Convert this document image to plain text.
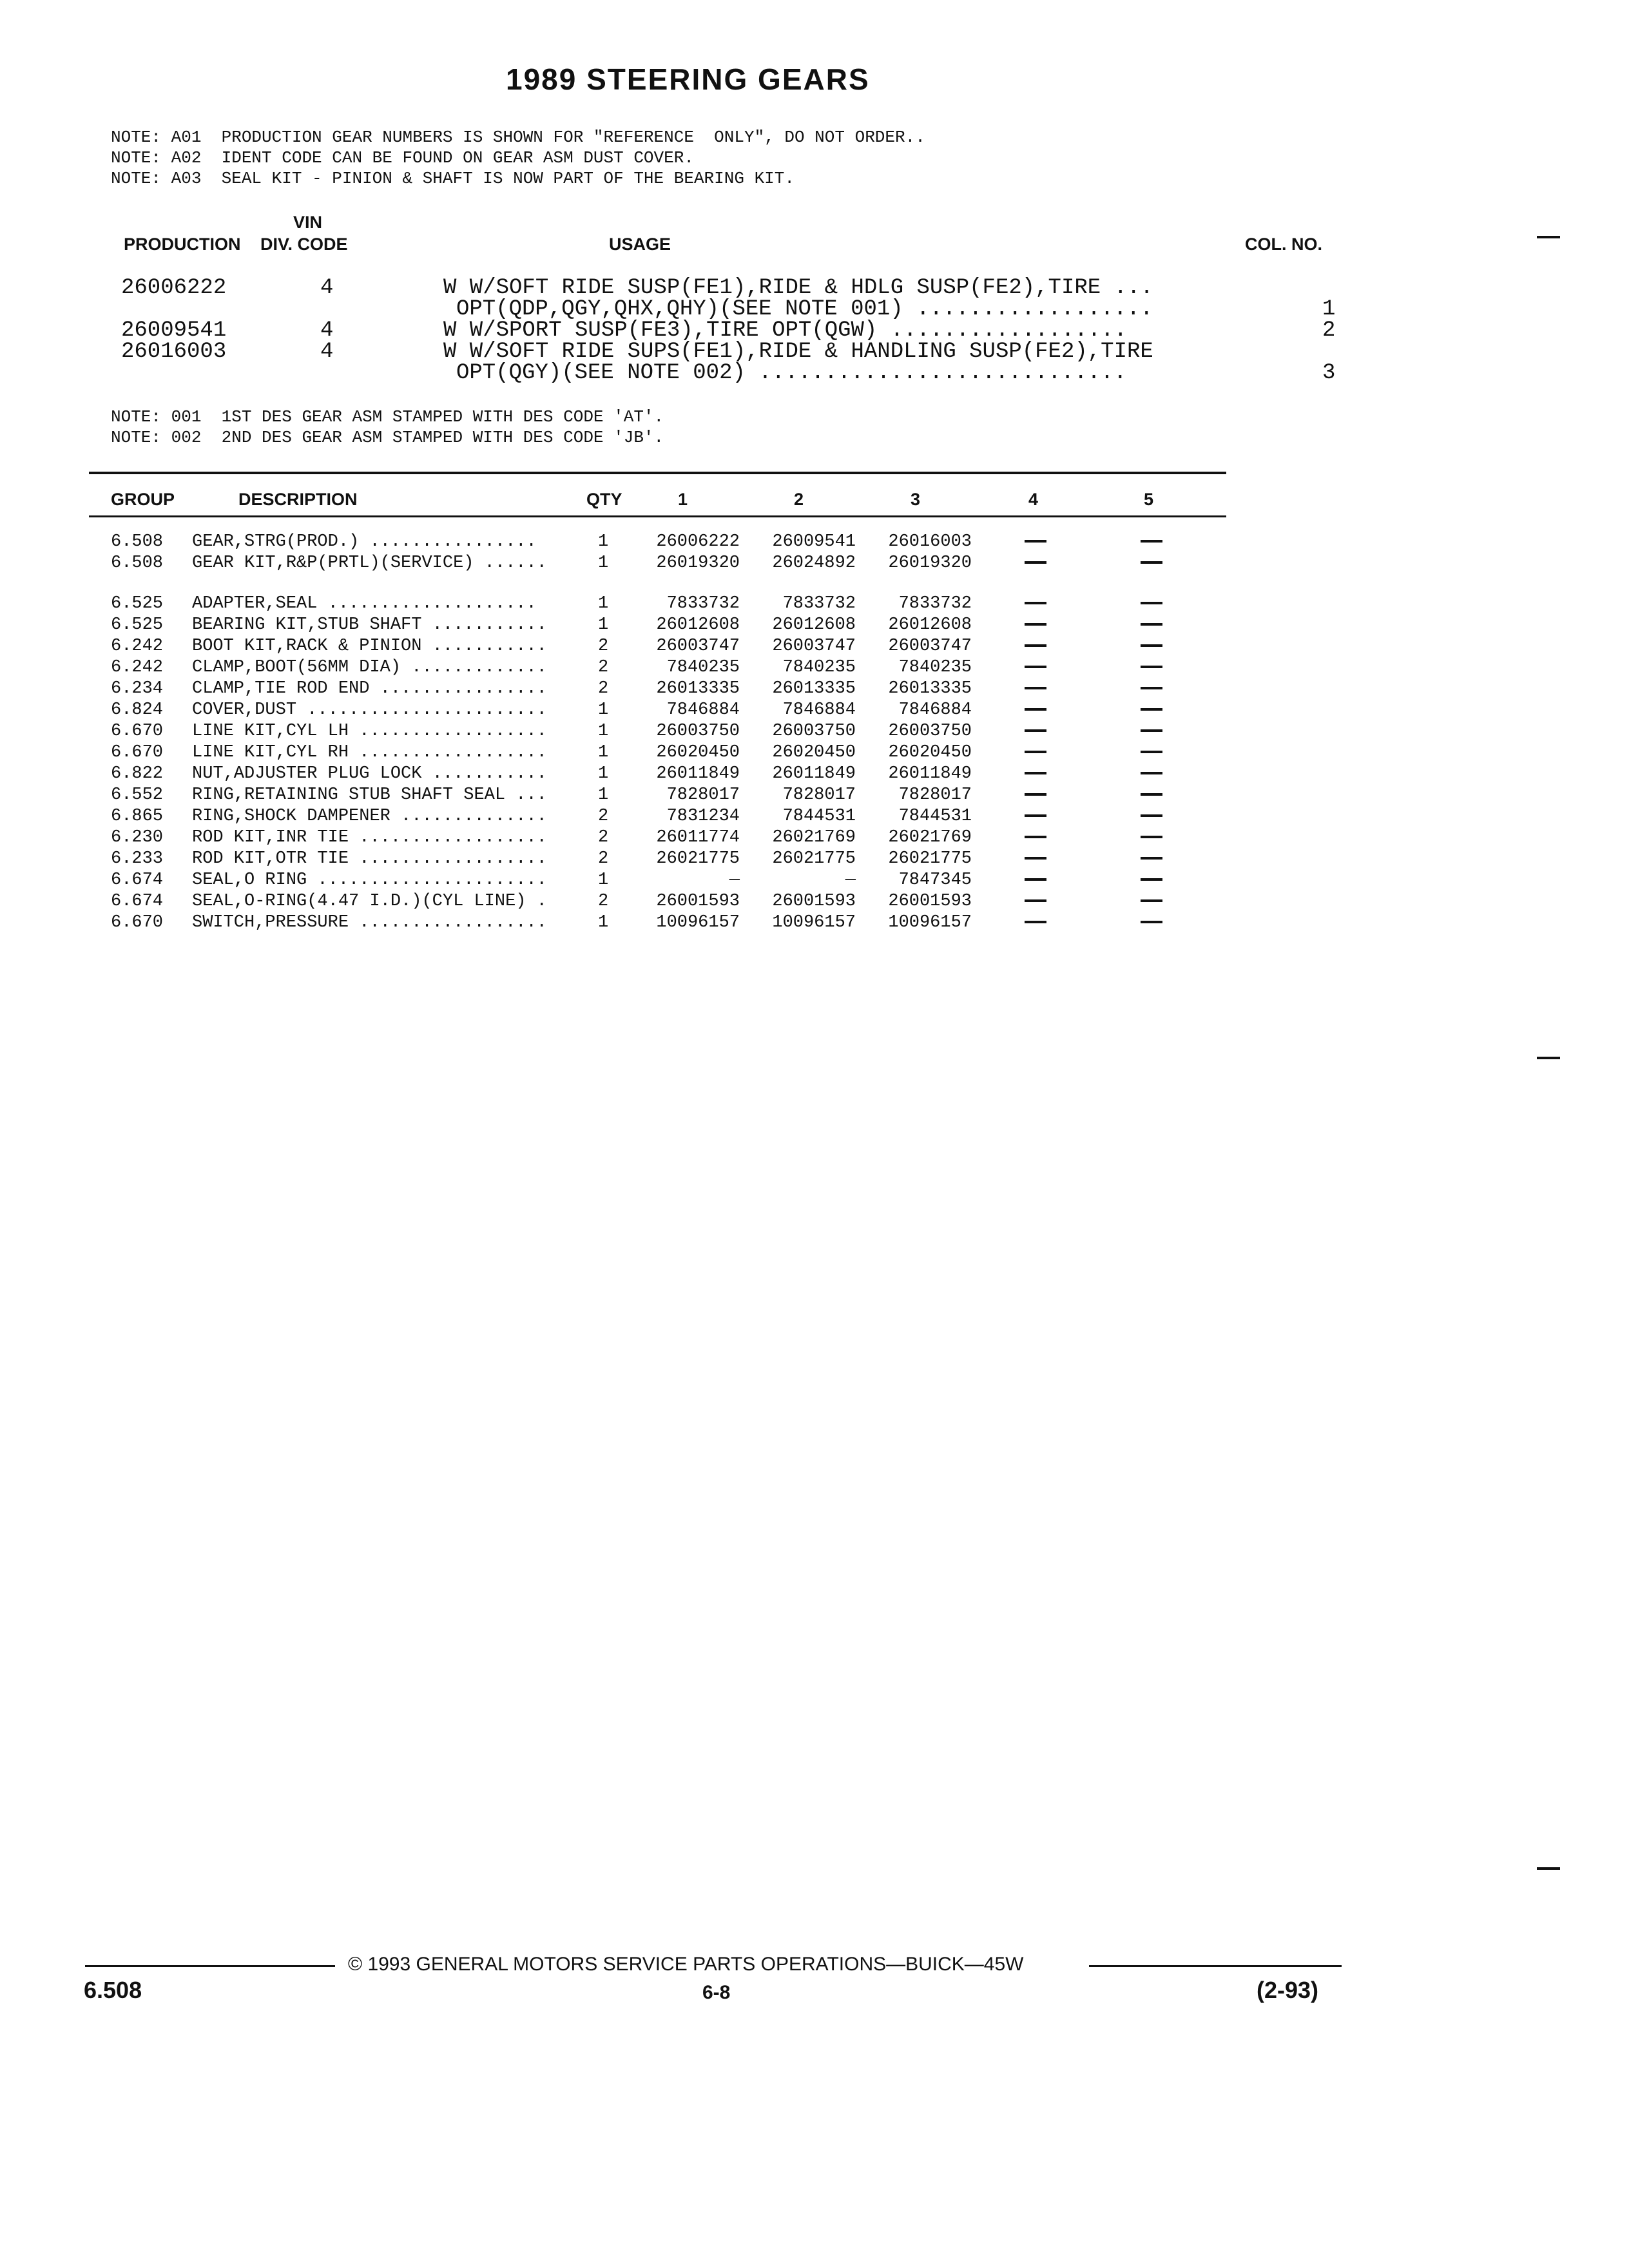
1989 STEERING GEARS
NOTE: A01  PRODUCTION GEAR NUMBERS IS SHOWN FOR "REFERENCE  ONLY", DO NOT ORDER..
NOTE: A02  IDENT CODE CAN BE FOUND ON GEAR ASM DUST COVER.
NOTE: A03  SEAL KIT - PINION & SHAFT IS NOW PART OF THE BEARING KIT.
VIN
PRODUCTION DIV. CODE	USAGE	COL. NO.
26006222	4	W W/SOFT RIDE SUSP(FE1),RIDE & HDLG SUSP(FE2),TIRE ...
OPT(QDP,QGY,QHX,QHY)(SEE NOTE 001) ..................	1
26009541	4	W W/SPORT SUSP(FE3),TIRE OPT(QGW) ..................	2
26016003	4	W W/SOFT RIDE SUPS(FE1),RIDE & HANDLING SUSP(FE2),TIRE
OPT(QGY)(SEE NOTE 002) ............................	3
NOTE: 001  1ST DES GEAR ASM STAMPED WITH DES CODE 'AT'.
NOTE: 002  2ND DES GEAR ASM STAMPED WITH DES CODE 'JB'.
GROUP	DESCRIPTION	QTY	1	2	3	4	5
6.508 GEAR,STRG(PROD.) ................	1	26006222	26009541	26016003
6.508 GEAR KIT,R&P(PRTL)(SERVICE) ......	1	26019320	26024892	26019320
6.525 ADAPTER,SEAL ....................	1	7833732	7833732	7833732
6.525 BEARING KIT,STUB SHAFT ...........	1	26012608	26012608	26012608
6.242 BOOT KIT,RACK & PINION ...........	2	26003747	26003747	26003747
6.242 CLAMP,BOOT(56MM DIA) .............	2	7840235	7840235	7840235
6.234 CLAMP,TIE ROD END ................	2	26013335	26013335	26013335
6.824 COVER,DUST .......................	1	7846884	7846884	7846884
6.670 LINE KIT,CYL LH ..................	1	26003750	26003750	26003750
6.670 LINE KIT,CYL RH ..................	1	26020450	26020450	26020450
6.822 NUT,ADJUSTER PLUG LOCK ...........	1	26011849	26011849	26011849
6.552 RING,RETAINING STUB SHAFT SEAL ...	1	7828017	7828017	7828017
6.865 RING,SHOCK DAMPENER ..............	2	7831234	7844531	7844531
6.230 ROD KIT,INR TIE ..................	2	26011774	26021769	26021769
6.233 ROD KIT,OTR TIE ..................	2	26021775	26021775	26021775
6.674 SEAL,O RING ......................	1	—	—	7847345
6.674 SEAL,O-RING(4.47 I.D.)(CYL LINE) .	2	26001593	26001593	26001593
6.670 SWITCH,PRESSURE ..................	1	10096157	10096157	10096157
© 1993 GENERAL MOTORS SERVICE PARTS OPERATIONS—BUICK—45W
6.508	6-8	(2-93)
